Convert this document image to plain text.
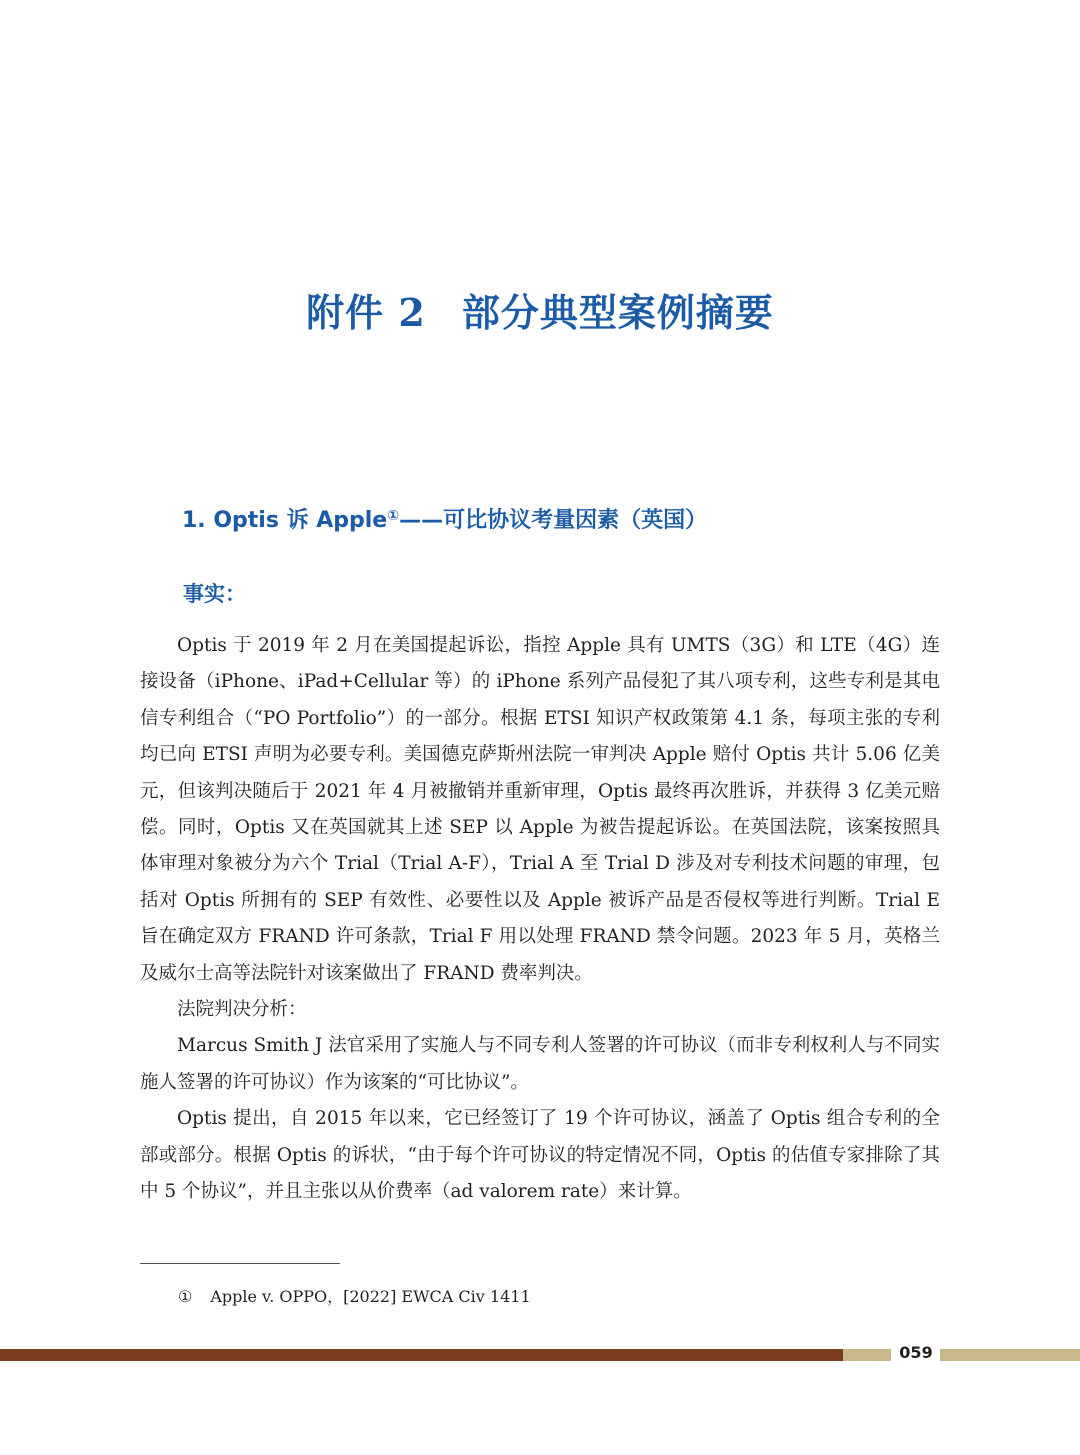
附件 2 部分典型案例摘要
1. Optis 诉 Apple①——可比协议考量因素（英国）
事实：

Optis 于 2019 年 2 月在美国提起诉讼，指控 Apple 具有 UMTS（3G）和 LTE（4G）连接设备（iPhone、iPad+Cellular 等）的 iPhone 系列产品侵犯了其八项专利，这些专利是其电信专利组合（“PO Portfolio”）的一部分。根据 ETSI 知识产权政策第 4.1 条，每项主张的专利均已向 ETSI 声明为必要专利。美国德克萨斯州法院一审判决 Apple 赔付 Optis 共计 5.06 亿美元，但该判决随后于 2021 年 4 月被撤销并重新审理，Optis 最终再次胜诉，并获得 3 亿美元赔偿。同时，Optis 又在英国就其上述 SEP 以 Apple 为被告提起诉讼。在英国法院，该案按照具体审理对象被分为六个 Trial（Trial A-F），Trial A 至 Trial D 涉及对专利技术问题的审理，包括对 Optis 所拥有的 SEP 有效性、必要性以及 Apple 被诉产品是否侵权等进行判断。Trial E 旨在确定双方 FRAND 许可条款，Trial F 用以处理 FRAND 禁令问题。2023 年 5 月，英格兰及威尔士高等法院针对该案做出了 FRAND 费率判决。

法院判决分析：

Marcus Smith J 法官采用了实施人与不同专利人签署的许可协议（而非专利权利人与不同实施人签署的许可协议）作为该案的“可比协议”。

Optis 提出，自 2015 年以来，它已经签订了 19 个许可协议，涵盖了 Optis 组合专利的全部或部分。根据 Optis 的诉状，“由于每个许可协议的特定情况不同，Optis 的估值专家排除了其中 5 个协议”，并且主张以从价费率（ad valorem rate）来计算。

① Apple v. OPPO，[2022] EWCA Civ 1411

059
